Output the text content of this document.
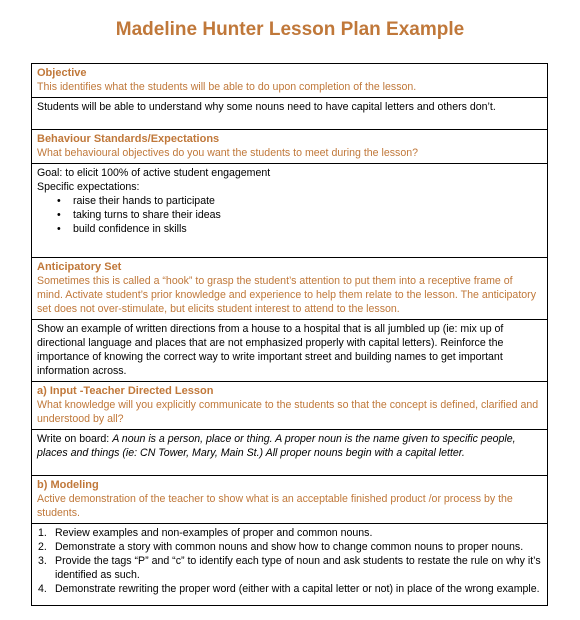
Madeline Hunter Lesson Plan Example
Objective
This identifies what the students will be able to do upon completion of the lesson.

Students will be able to understand why some nouns need to have capital letters and others don’t.

Behaviour Standards/Expectations
What behavioural objectives do you want the students to meet during the lesson?

Goal: to elicit 100% of active student engagement
Specific expectations:
• raise their hands to participate
• taking turns to share their ideas
• build confidence in skills

Anticipatory Set
Sometimes this is called a “hook” to grasp the student’s attention to put them into a receptive frame of mind. Activate student’s prior knowledge and experience to help them relate to the lesson. The anticipatory set does not over-stimulate, but elicits student interest to attend to the lesson.

Show an example of written directions from a house to a hospital that is all jumbled up (ie: mix up of directional language and places that are not emphasized properly with capital letters). Reinforce the importance of knowing the correct way to write important street and building names to get important information across.

a) Input -Teacher Directed Lesson
What knowledge will you explicitly communicate to the students so that the concept is defined, clarified and understood by all?

Write on board: A noun is a person, place or thing. A proper noun is the name given to specific people, places and things (ie: CN Tower, Mary, Main St.) All proper nouns begin with a capital letter.

b) Modeling
Active demonstration of the teacher to show what is an acceptable finished product /or process by the students.

1. Review examples and non-examples of proper and common nouns.
2. Demonstrate a story with common nouns and show how to change common nouns to proper nouns.
3. Provide the tags “P” and “c” to identify each type of noun and ask students to restate the rule on why it’s identified as such.
4. Demonstrate rewriting the proper word (either with a capital letter or not) in place of the wrong example.
